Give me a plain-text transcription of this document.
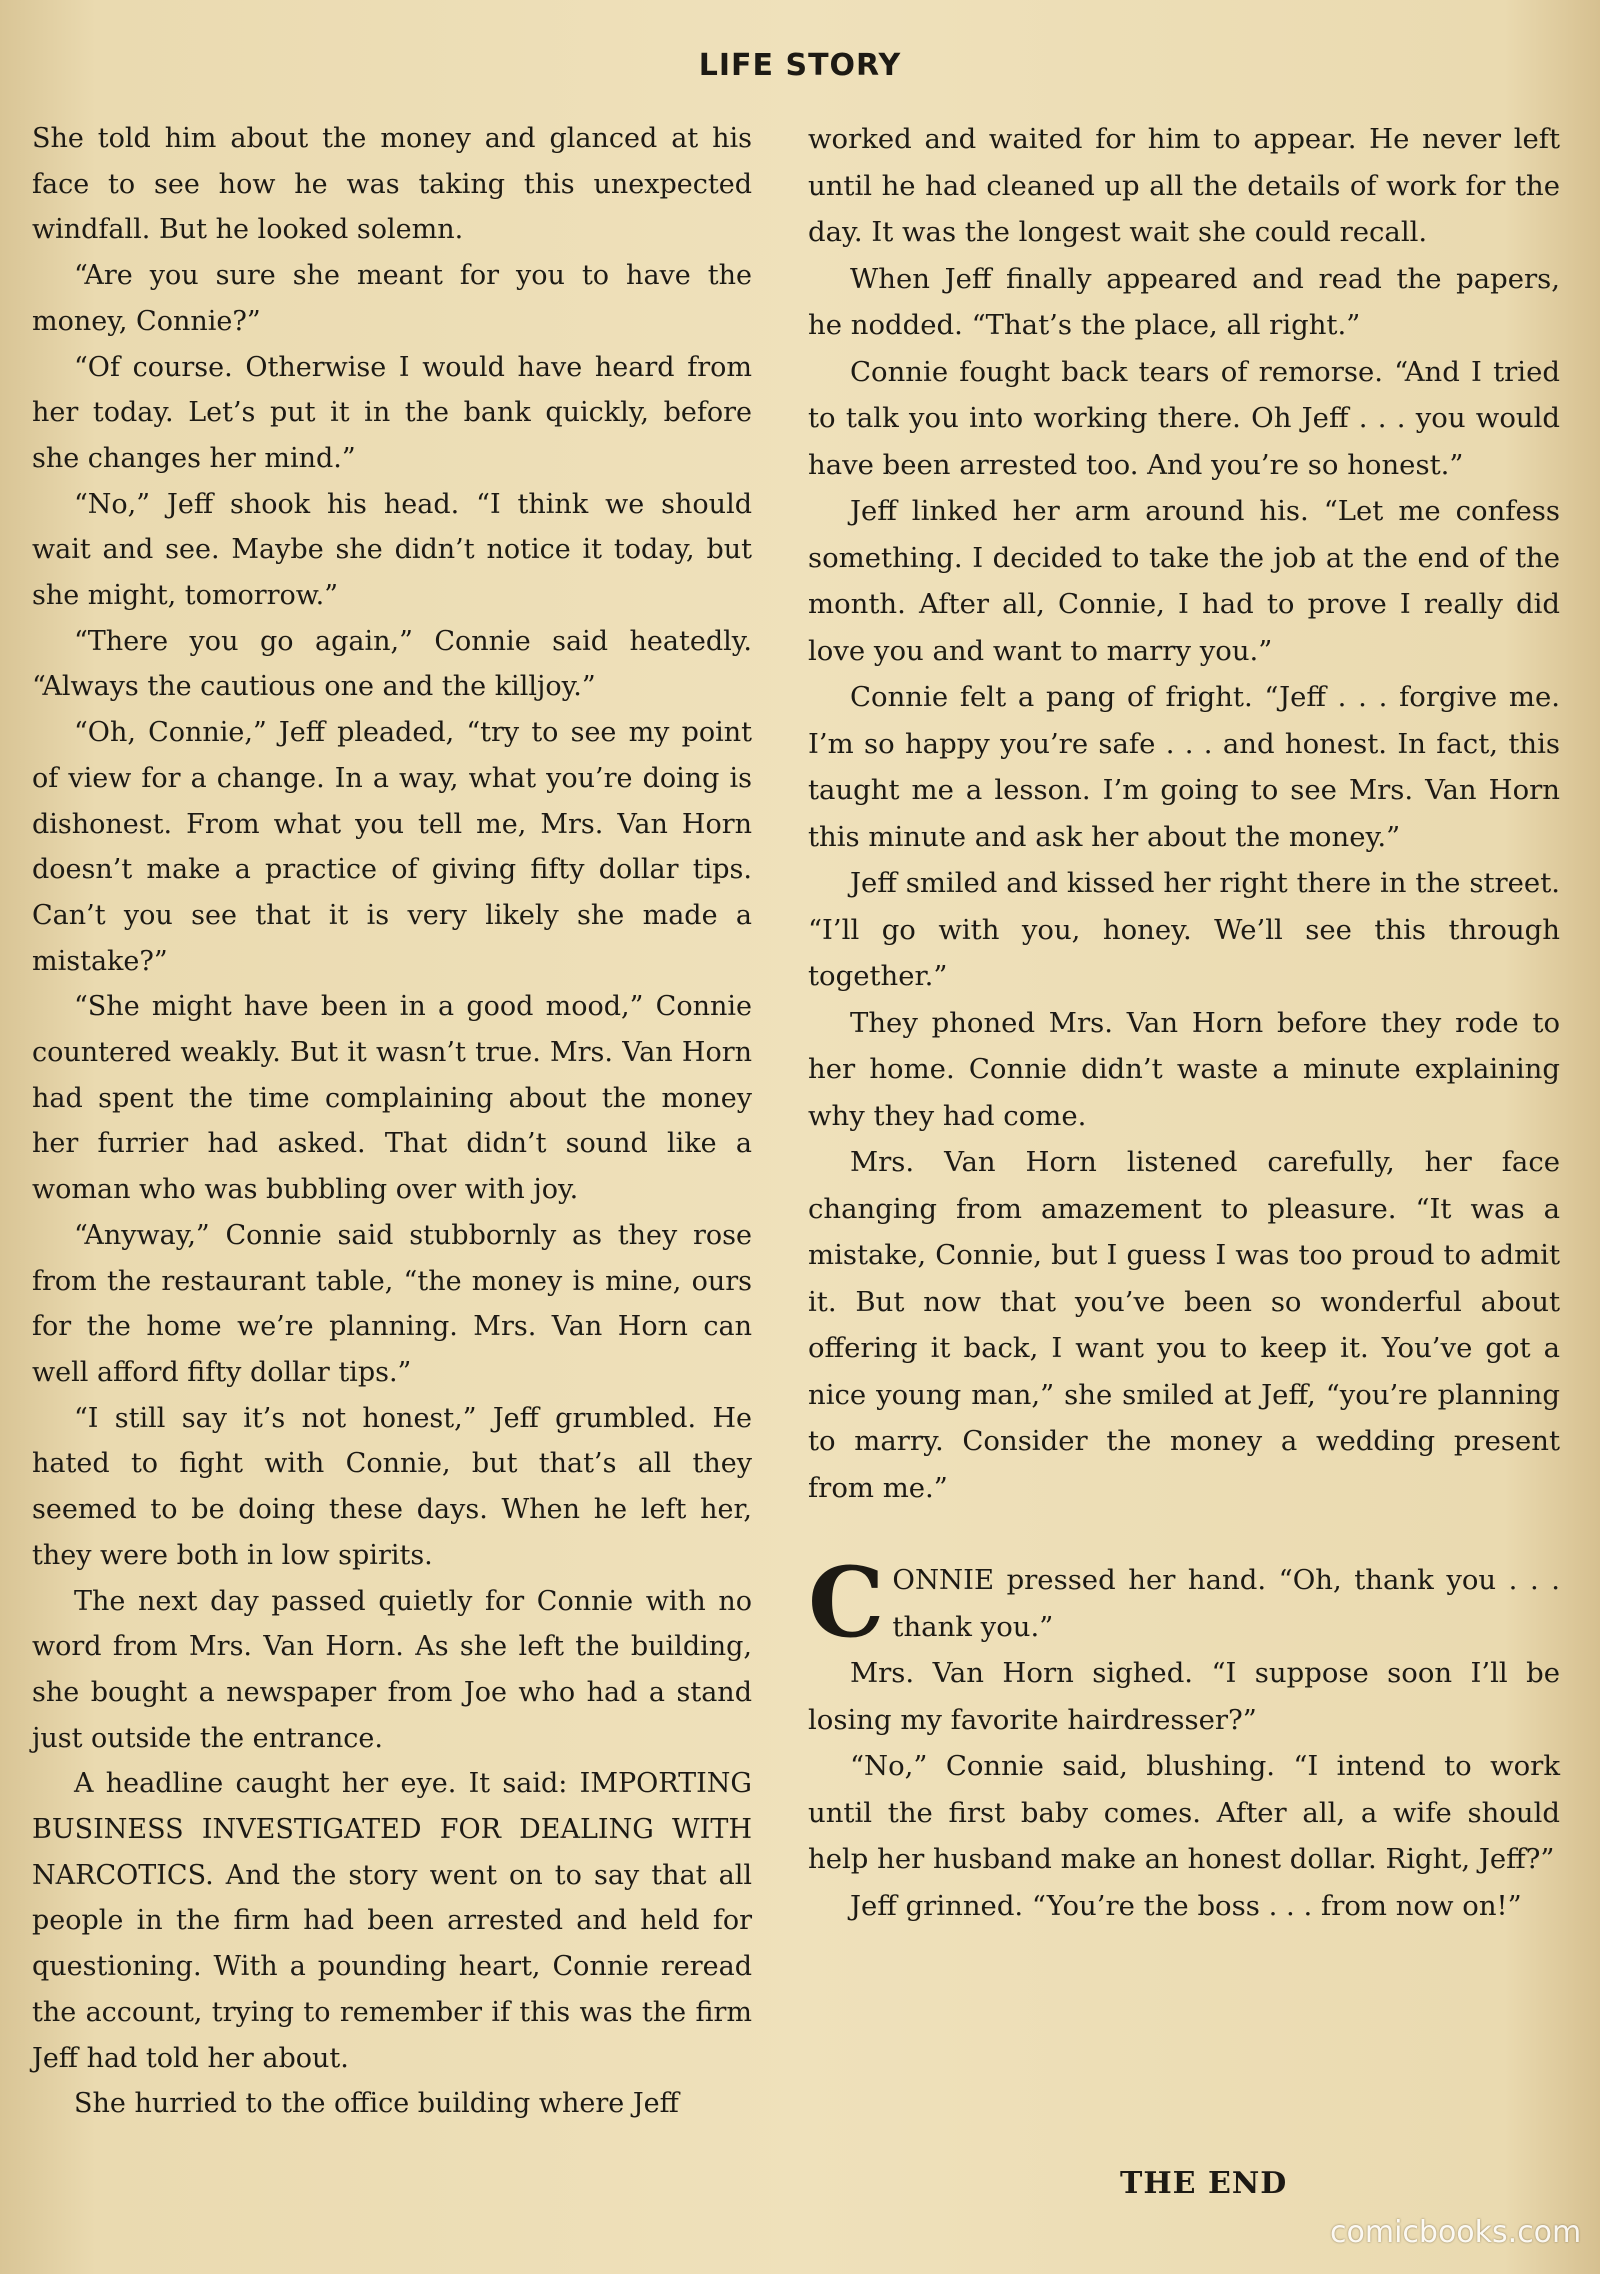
LIFE STORY

She told him about the money and glanced at his face to see how he was taking this unexpected windfall. But he looked solemn.

“Are you sure she meant for you to have the money, Connie?”

“Of course. Otherwise I would have heard from her today. Let’s put it in the bank quickly, before she changes her mind.”

“No,” Jeff shook his head. “I think we should wait and see. Maybe she didn’t notice it today, but she might, tomorrow.”

“There you go again,” Connie said heatedly. “Always the cautious one and the killjoy.”

“Oh, Connie,” Jeff pleaded, “try to see my point of view for a change. In a way, what you’re doing is dishonest. From what you tell me, Mrs. Van Horn doesn’t make a practice of giving fifty dollar tips. Can’t you see that it is very likely she made a mistake?”

“She might have been in a good mood,” Connie countered weakly. But it wasn’t true. Mrs. Van Horn had spent the time complaining about the money her furrier had asked. That didn’t sound like a woman who was bubbling over with joy.

“Anyway,” Connie said stubbornly as they rose from the restaurant table, “the money is mine, ours for the home we’re planning. Mrs. Van Horn can well afford fifty dollar tips.”

“I still say it’s not honest,” Jeff grumbled. He hated to fight with Connie, but that’s all they seemed to be doing these days. When he left her, they were both in low spirits.

The next day passed quietly for Connie with no word from Mrs. Van Horn. As she left the building, she bought a newspaper from Joe who had a stand just outside the entrance.

A headline caught her eye. It said: IMPORTING BUSINESS INVESTIGATED FOR DEALING WITH NARCOTICS. And the story went on to say that all people in the firm had been arrested and held for questioning. With a pounding heart, Connie reread the account, trying to remember if this was the firm Jeff had told her about.

She hurried to the office building where Jeff

worked and waited for him to appear. He never left until he had cleaned up all the details of work for the day. It was the longest wait she could recall.

When Jeff finally appeared and read the papers, he nodded. “That’s the place, all right.”

Connie fought back tears of remorse. “And I tried to talk you into working there. Oh Jeff . . . you would have been arrested too. And you’re so honest.”

Jeff linked her arm around his. “Let me confess something. I decided to take the job at the end of the month. After all, Connie, I had to prove I really did love you and want to marry you.”

Connie felt a pang of fright. “Jeff . . . forgive me. I’m so happy you’re safe . . . and honest. In fact, this taught me a lesson. I’m going to see Mrs. Van Horn this minute and ask her about the money.”

Jeff smiled and kissed her right there in the street. “I’ll go with you, honey. We’ll see this through together.”

They phoned Mrs. Van Horn before they rode to her home. Connie didn’t waste a minute explaining why they had come.

Mrs. Van Horn listened carefully, her face changing from amazement to pleasure. “It was a mistake, Connie, but I guess I was too proud to admit it. But now that you’ve been so wonderful about offering it back, I want you to keep it. You’ve got a nice young man,” she smiled at Jeff, “you’re planning to marry. Consider the money a wedding present from me.”

CONNIE pressed her hand. “Oh, thank you . . . thank you.”

Mrs. Van Horn sighed. “I suppose soon I’ll be losing my favorite hairdresser?”

“No,” Connie said, blushing. “I intend to work until the first baby comes. After all, a wife should help her husband make an honest dollar. Right, Jeff?”

Jeff grinned. “You’re the boss . . . from now on!”

THE END
comicbooks.com
